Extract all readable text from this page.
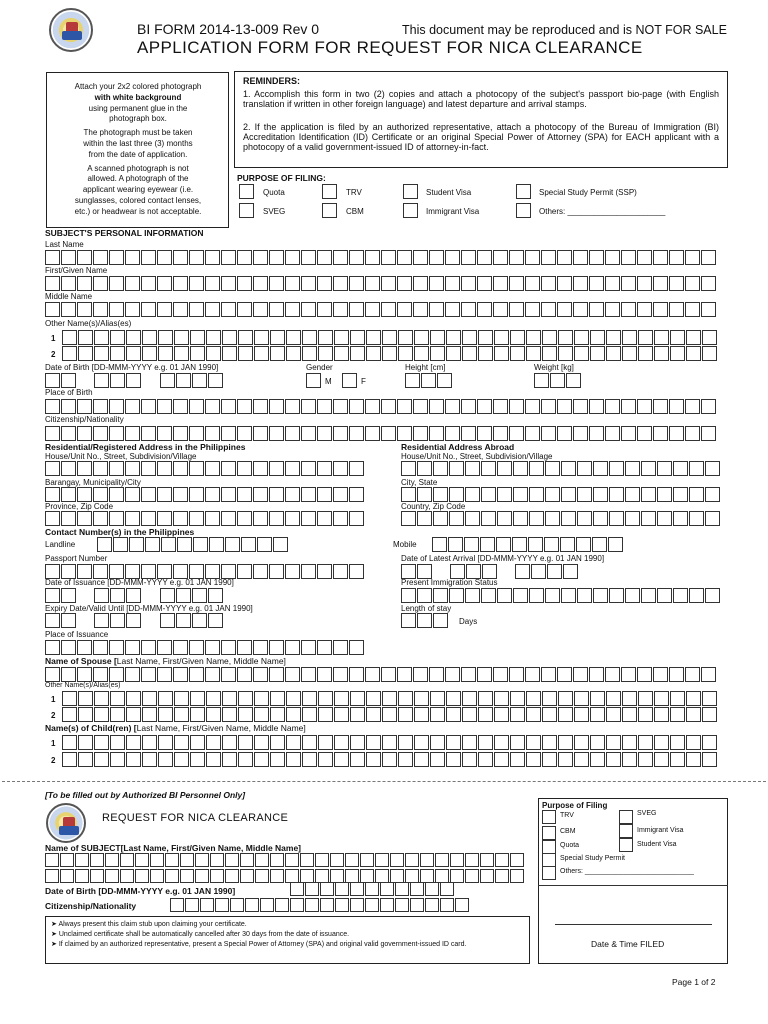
BI FORM 2014-13-009 Rev 0	This document may be reproduced and is NOT FOR SALE
APPLICATION FORM FOR REQUEST FOR NICA CLEARANCE
Attach your 2x2 colored photograph
with white background
using permanent glue in the
photograph box.
The photograph must be taken
within the last three (3) months
from the date of application.
A scanned photograph is not
allowed. A photograph of the
applicant wearing eyewear (i.e.
sunglasses, colored contact lenses,
etc.) or headwear is not acceptable.
REMINDERS:
1. Accomplish this form in two (2) copies and attach a photocopy of the subject's passport bio-page (with English translation if written in other foreign language) and latest departure and arrival stamps.
2. If the application is filed by an authorized representative, attach a photocopy of the Bureau of Immigration (BI) Accreditation Identification (ID) Certificate or an original Special Power of Attorney (SPA) for EACH applicant with a photocopy of a valid government-issued ID of attorney-in-fact.
PURPOSE OF FILING:
Quota	TRV	Student Visa	Special Study Permit (SSP)
SVEG	CBM	Immigrant Visa	Others: ______________________
SUBJECT'S PERSONAL INFORMATION
Last Name
First/Given Name
Middle Name
Other Name(s)/Alias(es)
1
2
Date of Birth [DD-MMM-YYYY e.g. 01 JAN 1990]	Gender
M	F
Height [cm]	Weight [kg]
Place of Birth
Citizenship/Nationality
Residential/Registered Address in the Philippines	Residential Address Abroad
House/Unit No., Street, Subdivision/Village	House/Unit No., Street, Subdivision/Village
Barangay, Municipality/City	City, State
Province, Zip Code	Country, Zip Code
Contact Number(s) in the Philippines
Landline	Mobile
Passport Number	Date of Latest Arrival [DD-MMM-YYYY e.g. 01 JAN 1990]
Date of Issuance [DD-MMM-YYYY e.g. 01 JAN 1990]	Present Immigration Status
Expiry Date/Valid Until [DD-MMM-YYYY e.g. 01 JAN 1990]	Length of stay
Days
Place of Issuance
Name of Spouse [Last Name, First/Given Name, Middle Name]
Other Name(s)/Alias(es)
1
2
Name(s) of Child(ren) [Last Name, First/Given Name, Middle Name]
1
2
[To be filled out by Authorized BI Personnel Only]
REQUEST FOR NICA CLEARANCE
Name of SUBJECT[Last Name, First/Given Name, Middle Name]
Date of Birth [DD-MMM-YYYY e.g. 01 JAN 1990]
Citizenship/Nationality
➤ Always present this claim stub upon claiming your certificate.
➤ Unclaimed certificate shall be automatically cancelled after 30 days from the date of issuance.
➤ If claimed by an authorized representative, present a Special Power of Attorney (SPA) and original valid government-issued ID card.
Purpose of Filing
TRV	SVEG
CBM	Immigrant Visa
Quota	Student Visa
Special Study Permit
Others: ____________________________
Date & Time FILED
Page 1 of 2
